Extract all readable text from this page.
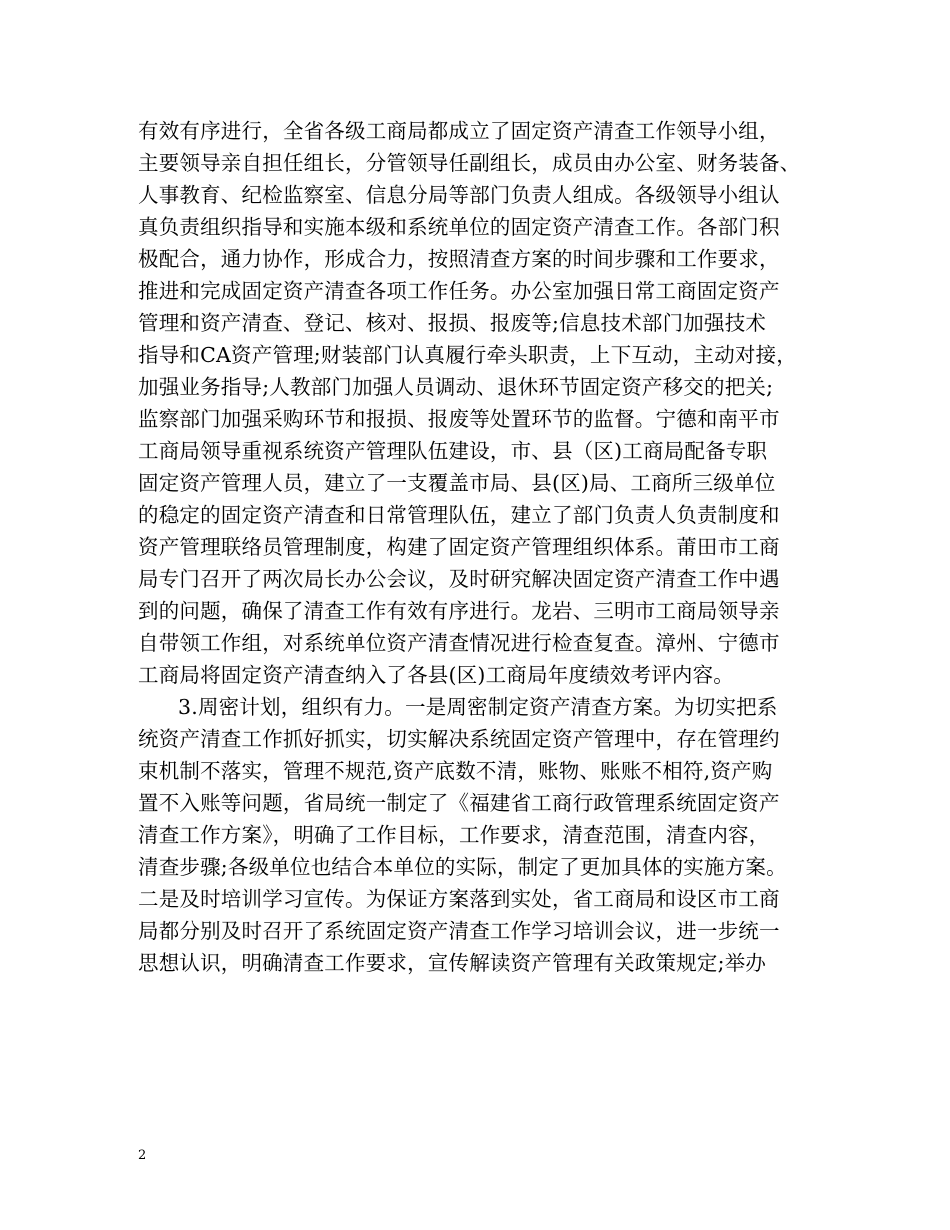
有效有序进行，全省各级工商局都成立了固定资产清查工作领导小组，
主要领导亲自担任组长，分管领导任副组长，成员由办公室、财务装备、
人事教育、纪检监察室、信息分局等部门负责人组成。各级领导小组认
真负责组织指导和实施本级和系统单位的固定资产清查工作。各部门积
极配合，通力协作，形成合力，按照清查方案的时间步骤和工作要求，
推进和完成固定资产清查各项工作任务。办公室加强日常工商固定资产
管理和资产清查、登记、核对、报损、报废等;信息技术部门加强技术
指导和CA资产管理;财装部门认真履行牵头职责，上下互动，主动对接，
加强业务指导;人教部门加强人员调动、退休环节固定资产移交的把关;
监察部门加强采购环节和报损、报废等处置环节的监督。宁德和南平市
工商局领导重视系统资产管理队伍建设，市、县（区)工商局配备专职
固定资产管理人员，建立了一支覆盖市局、县(区)局、工商所三级单位
的稳定的固定资产清查和日常管理队伍，建立了部门负责人负责制度和
资产管理联络员管理制度，构建了固定资产管理组织体系。莆田市工商
局专门召开了两次局长办公会议，及时研究解决固定资产清查工作中遇
到的问题，确保了清查工作有效有序进行。龙岩、三明市工商局领导亲
自带领工作组，对系统单位资产清查情况进行检查复查。漳州、宁德市
工商局将固定资产清查纳入了各县(区)工商局年度绩效考评内容。
3.周密计划，组织有力。一是周密制定资产清查方案。为切实把系
统资产清查工作抓好抓实，切实解决系统固定资产管理中，存在管理约
束机制不落实，管理不规范,资产底数不清，账物、账账不相符,资产购
置不入账等问题，省局统一制定了《福建省工商行政管理系统固定资产
清查工作方案》，明确了工作目标，工作要求，清查范围，清查内容，
清查步骤;各级单位也结合本单位的实际，制定了更加具体的实施方案。
二是及时培训学习宣传。为保证方案落到实处，省工商局和设区市工商
局都分别及时召开了系统固定资产清查工作学习培训会议，进一步统一
思想认识，明确清查工作要求，宣传解读资产管理有关政策规定;举办
2
